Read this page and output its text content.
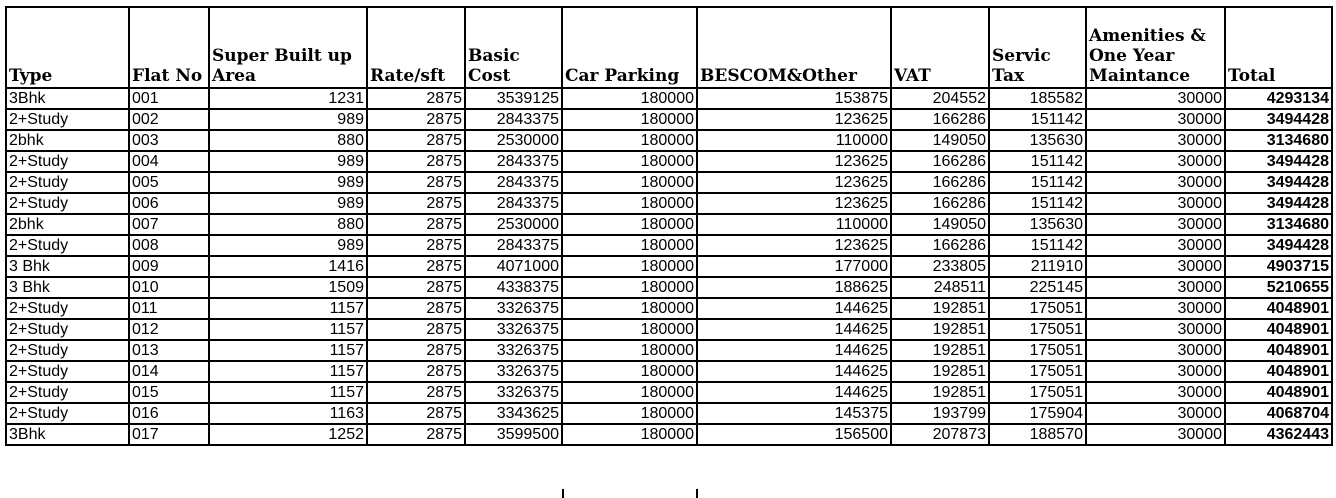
Type	Flat No	Super Built up Area	Rate/sft	Basic Cost	Car Parking	BESCOM&Other	VAT	Servic Tax	Amenities & One Year Maintance	Total
3Bhk	001	1231	2875	3539125	180000	153875	204552	185582	30000	4293134
2+Study	002	989	2875	2843375	180000	123625	166286	151142	30000	3494428
2bhk	003	880	2875	2530000	180000	110000	149050	135630	30000	3134680
2+Study	004	989	2875	2843375	180000	123625	166286	151142	30000	3494428
2+Study	005	989	2875	2843375	180000	123625	166286	151142	30000	3494428
2+Study	006	989	2875	2843375	180000	123625	166286	151142	30000	3494428
2bhk	007	880	2875	2530000	180000	110000	149050	135630	30000	3134680
2+Study	008	989	2875	2843375	180000	123625	166286	151142	30000	3494428
3 Bhk	009	1416	2875	4071000	180000	177000	233805	211910	30000	4903715
3 Bhk	010	1509	2875	4338375	180000	188625	248511	225145	30000	5210655
2+Study	011	1157	2875	3326375	180000	144625	192851	175051	30000	4048901
2+Study	012	1157	2875	3326375	180000	144625	192851	175051	30000	4048901
2+Study	013	1157	2875	3326375	180000	144625	192851	175051	30000	4048901
2+Study	014	1157	2875	3326375	180000	144625	192851	175051	30000	4048901
2+Study	015	1157	2875	3326375	180000	144625	192851	175051	30000	4048901
2+Study	016	1163	2875	3343625	180000	145375	193799	175904	30000	4068704
3Bhk	017	1252	2875	3599500	180000	156500	207873	188570	30000	4362443
